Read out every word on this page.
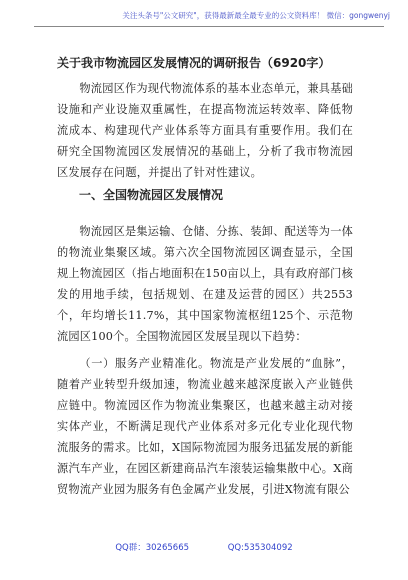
关注头条号"公文研究"，获得最新最全最专业的公文资料库！ 微信：gongwenyj
关于我市物流园区发展情况的调研报告（6920字）

物流园区作为现代物流体系的基本业态单元，兼具基础设施和产业设施双重属性，在提高物流运转效率、降低物流成本、构建现代产业体系等方面具有重要作用。我们在研究全国物流园区发展情况的基础上，分析了我市物流园区发展存在问题，并提出了针对性建议。

一、全国物流园区发展情况

物流园区是集运输、仓储、分拣、装卸、配送等为一体的物流业集聚区域。第六次全国物流园区调查显示，全国规上物流园区（指占地面积在150亩以上，具有政府部门核发的用地手续，包括规划、在建及运营的园区）共2553个，年均增长11.7%，其中国家物流枢纽125个、示范物流园区100个。全国物流园区发展呈现以下趋势：

（一）服务产业精准化。物流是产业发展的“血脉”，随着产业转型升级加速，物流业越来越深度嵌入产业链供应链中。物流园区作为物流业集聚区，也越来越主动对接实体产业，不断满足现代产业体系对多元化专业化现代物流服务的需求。比如，X国际物流园为服务迅猛发展的新能源汽车产业，在园区新建商品汽车滚装运输集散中心。X商贸物流产业园为服务有色金属产业发展，引进X物流有限公

QQ群：30265665	QQ:535304092
